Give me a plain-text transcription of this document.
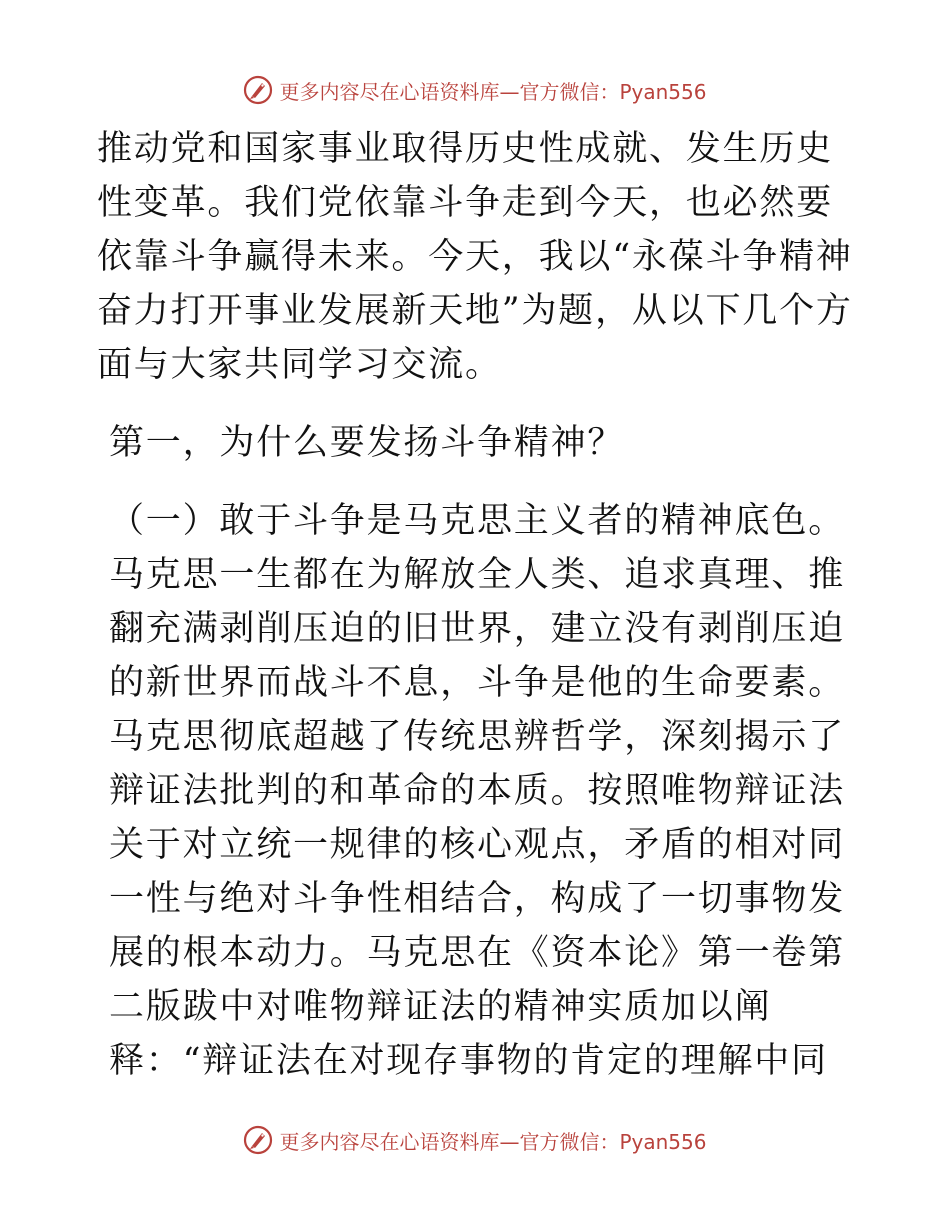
更多内容尽在心语资料库—官方微信：Pyan556

推动党和国家事业取得历史性成就、发生历史性变革。我们党依靠斗争走到今天，也必然要依靠斗争赢得未来。今天，我以“永葆斗争精神 奋力打开事业发展新天地”为题，从以下几个方面与大家共同学习交流。

第一，为什么要发扬斗争精神？

（一）敢于斗争是马克思主义者的精神底色。马克思一生都在为解放全人类、追求真理、推翻充满剥削压迫的旧世界，建立没有剥削压迫的新世界而战斗不息，斗争是他的生命要素。马克思彻底超越了传统思辨哲学，深刻揭示了辩证法批判的和革命的本质。按照唯物辩证法关于对立统一规律的核心观点，矛盾的相对同一性与绝对斗争性相结合，构成了一切事物发展的根本动力。马克思在《资本论》第一卷第二版跋中对唯物辩证法的精神实质加以阐释：“辩证法在对现存事物的肯定的理解中同

更多内容尽在心语资料库—官方微信：Pyan556
